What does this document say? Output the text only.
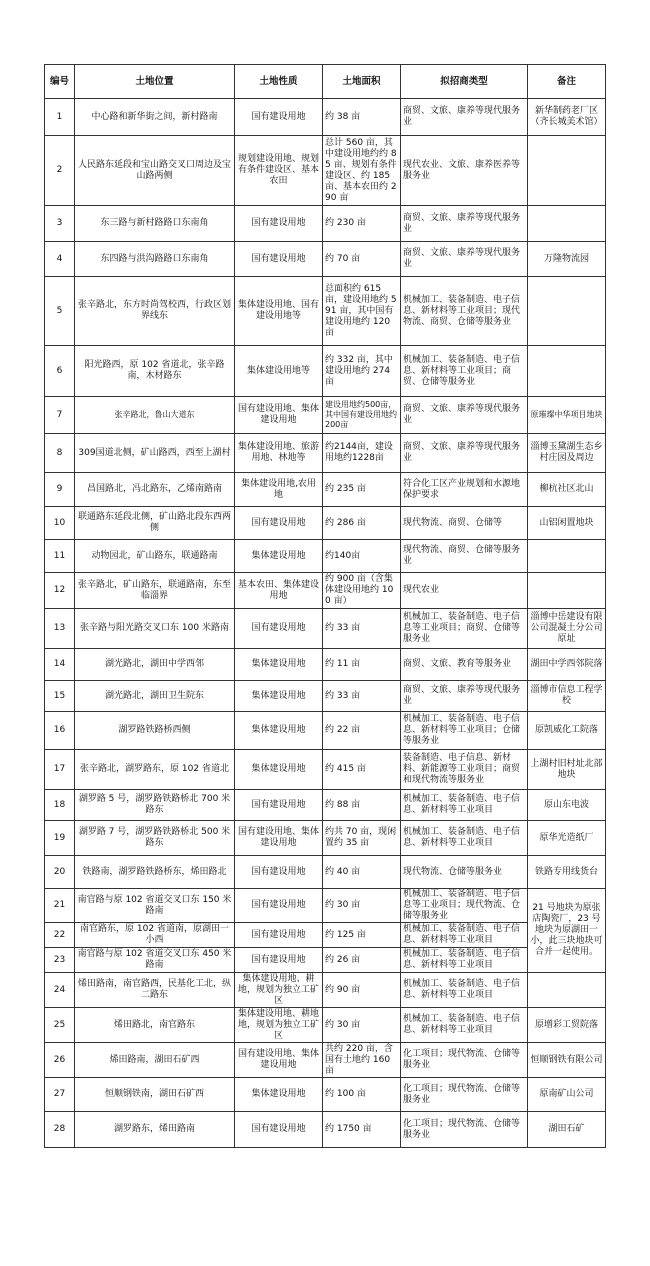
编号	土地位置	土地性质	土地面积	拟招商类型	备注
1	中心路和新华街之间，新村路南	国有建设用地	约 38 亩	商贸、文旅、康养等现代服务业	新华制药老厂区（齐长城美术馆）
2	人民路东延段和宝山路交叉口周边及宝山路两侧	规划建设用地、规划有条件建设区、基本农田	总计 560 亩，其中建设用地约约 85 亩、规划有条件建设区、约 185 亩、基本农田约 290 亩	现代农业、文旅、康养医养等服务业	
3	东三路与新村路路口东南角	国有建设用地	约 230 亩	商贸、文旅、康养等现代服务业	
4	东四路与洪沟路路口东南角	国有建设用地	约 70 亩	商贸、文旅、康养等现代服务业	万隆物流园
5	张辛路北，东方时尚驾校西，行政区划界线东	集体建设用地、国有建设用地等	总面积约 615 亩，建设用地约 591 亩，其中国有建设用地约 120 亩	机械加工、装备制造、电子信息、新材料等工业项目；现代物流、商贸、仓储等服务业	
6	阳光路西，原 102 省道北，张辛路南，木材路东	集体建设用地等	约 332 亩，其中建设用地约 274 亩	机械加工、装备制造、电子信息、新材料等工业项目；商贸、仓储等服务业	
7	张辛路北，鲁山大道东	国有建设用地、集体建设用地	建设用地约500亩，其中国有建设用地约200亩	商贸、文旅、康养等现代服务业	原璀璨中华项目地块
8	309国道北侧，矿山路西，西至上湖村	集体建设用地、旅游用地、林地等	约2144亩，建设用地约1228亩	商贸、文旅、康养等现代服务业	淄博玉黛湖生态乡村庄园及周边
9	昌国路北，冯北路东，乙烯南路南	集体建设用地,农用地	约 235 亩	符合化工区产业规划和水源地保护要求	柳杭社区北山
10	联通路东延段北侧，矿山路北段东西两侧	国有建设用地	约 286 亩	现代物流、商贸、仓储等	山铝闲置地块
11	动物园北，矿山路东，联通路南	集体建设用地	约140亩	现代物流、商贸、仓储等服务业	
12	张辛路北，矿山路东，联通路南，东至临淄界	基本农田、集体建设用地	约 900 亩（含集体建设用地约 100 亩）	现代农业	
13	张辛路与阳光路交叉口东 100 米路南	国有建设用地	约 33 亩	机械加工、装备制造、电子信息等工业项目；商贸、仓储等服务业	淄博中岳建设有限公司混凝土分公司原址
14	湖光路北，湖田中学西邻	集体建设用地	约 11 亩	商贸、文旅、教育等服务业	湖田中学西邻院落
15	湖光路北，湖田卫生院东	集体建设用地	约 33 亩	商贸、文旅、康养等现代服务业	淄博市信息工程学校
16	湖罗路铁路桥西侧	集体建设用地	约 22 亩	机械加工、装备制造、电子信息、新材料等工业项目；仓储等服务业	原凯威化工院落
17	张辛路北，湖罗路东，原 102 省道北	集体建设用地	约 415 亩	装备制造、电子信息、新材料、新能源等工业项目；商贸和现代物流等服务业	上湖村旧村址北部地块
18	湖罗路 5 号，湖罗路铁路桥北 700 米路东	国有建设用地	约 88 亩	机械加工、装备制造、电子信息、新材料等工业项目	原山东电波
19	湖罗路 7 号，湖罗路铁路桥北 500 米路东	国有建设用地、集体建设用地	约共 70 亩，现闲置约 35 亩	机械加工、装备制造、电子信息、新材料等工业项目	原华光造纸厂
20	铁路南，湖罗路铁路桥东，烯田路北	国有建设用地	约 40 亩	现代物流、仓储等服务业	铁路专用线货台
21	南官路与原 102 省道交叉口东 150 米路南	国有建设用地	约 30 亩	机械加工、装备制造、电子信息等工业项目；现代物流、仓储等服务业	21 号地块为原张店陶瓷厂，23 号地块为原湖田一小，此三块地块可合并一起使用。
22	南官路东，原 102 省道南，原湖田一小西	国有建设用地	约 125 亩	机械加工、装备制造、电子信息、新材料等工业项目	
23	南官路与原 102 省道交叉口东 450 米路南	国有建设用地	约 26 亩	机械加工、装备制造、电子信息、新材料等工业项目	
24	烯田路南，南官路西，民基化工北，纵二路东	集体建设用地、耕地，规划为独立工矿区	约 90 亩	机械加工、装备制造、电子信息、新材料等工业项目	
25	烯田路北，南官路东	集体建设用地、耕地地，规划为独立工矿区	约 30 亩	机械加工、装备制造、电子信息、新材料等工业项目	原增彩工贸院落
26	烯田路南，湖田石矿西	国有建设用地、集体建设用地	共约 220 亩，含国有土地约 160 亩	化工项目；现代物流、仓储等服务业	恒顺钢铁有限公司
27	恒顺钢铁南，湖田石矿西	集体建设用地	约 100 亩	化工项目；现代物流、仓储等服务业	原南矿山公司
28	湖罗路东，烯田路南	国有建设用地	约 1750 亩	化工项目；现代物流、仓储等服务业	湖田石矿
